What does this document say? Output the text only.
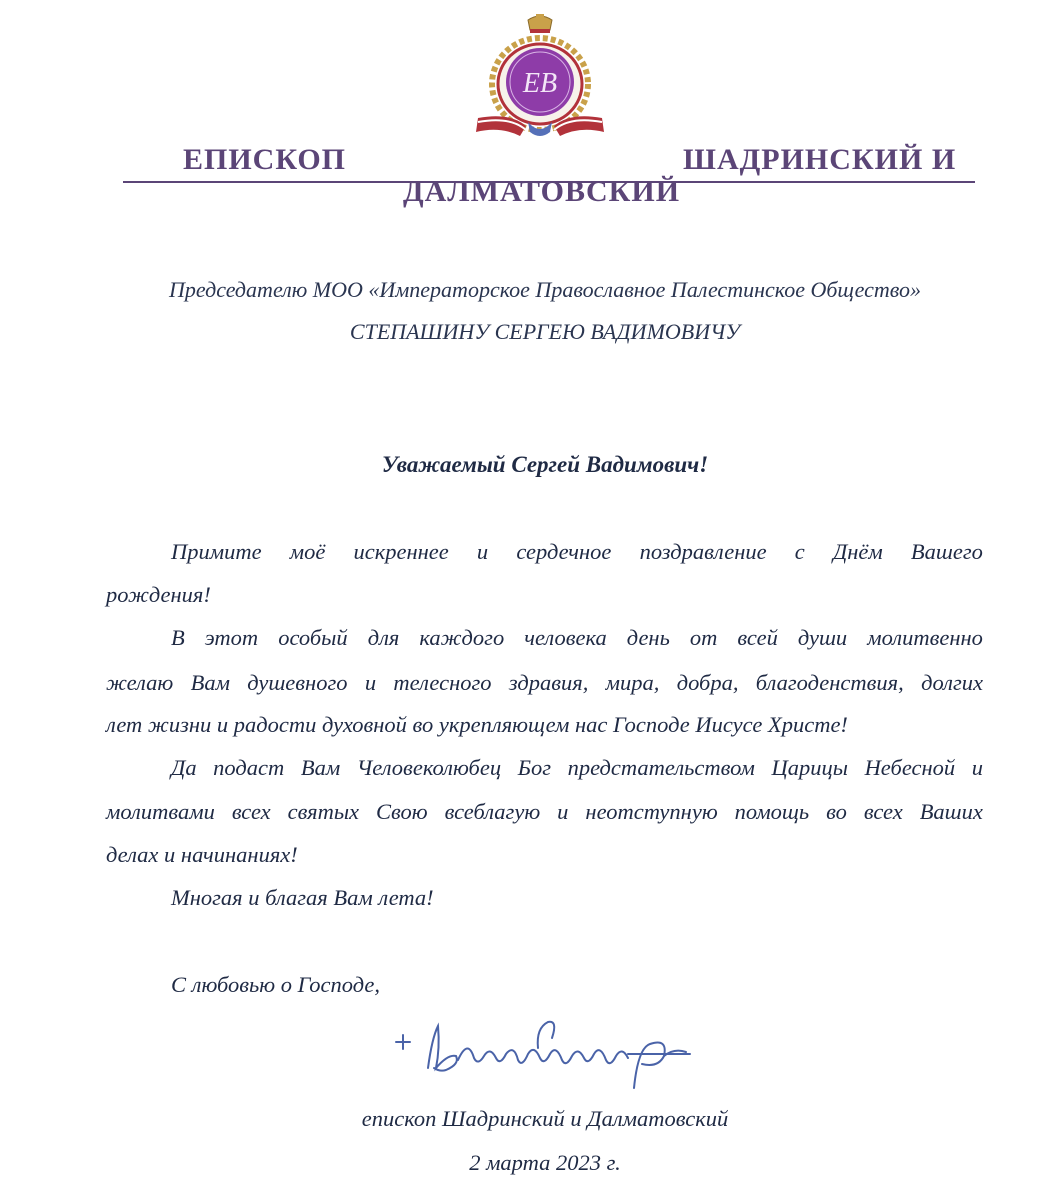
ЕВ
ЕПИСКОП	ШАДРИНСКИЙ И
ДАЛМАТОВСКИЙ
Председателю МОО «Императорское Православное Палестинское Общество»
СТЕПАШИНУ СЕРГЕЮ ВАДИМОВИЧУ
Уважаемый Сергей Вадимович!
Примите моё искреннее и сердечное поздравление с Днём Вашего
рождения!
В этот особый для каждого человека день от всей души молитвенно
желаю Вам душевного и телесного здравия, мира, добра, благоденствия, долгих
лет жизни и радости духовной во укрепляющем нас Господе Иисусе Христе!
Да подаст Вам Человеколюбец Бог предстательством Царицы Небесной и
молитвами всех святых Свою всеблагую и неотступную помощь во всех Ваших
делах и начинаниях!
Многая и благая Вам лета!
С любовью о Господе,
епископ Шадринский и Далматовский
2 марта 2023 г.
